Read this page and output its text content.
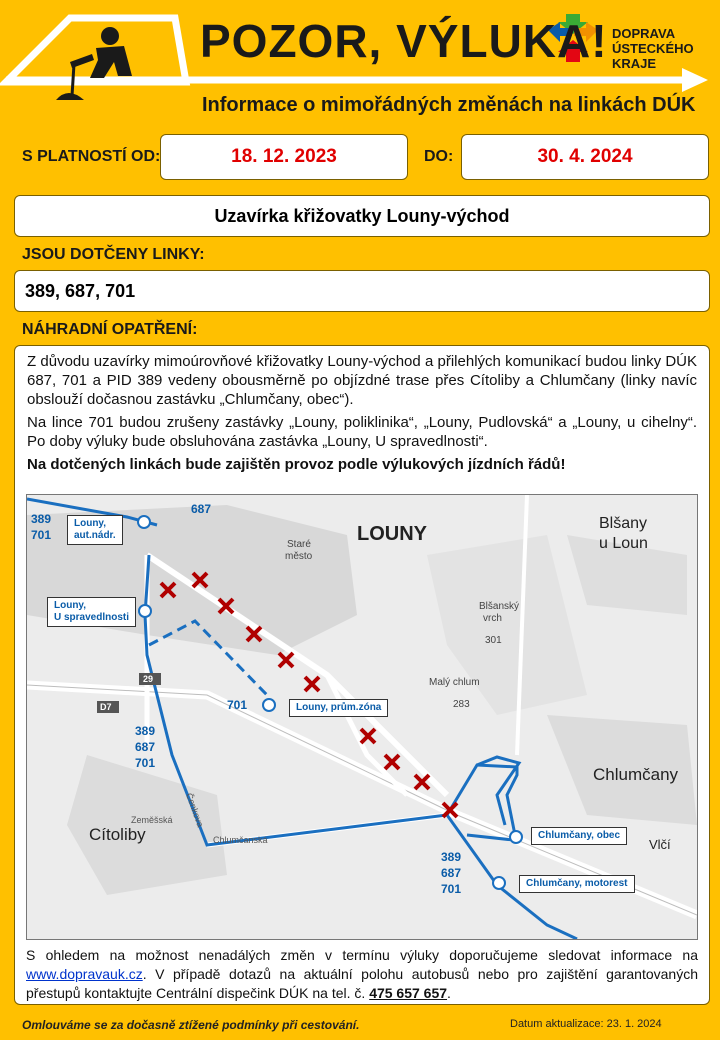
POZOR, VÝLUKA! DOPRAVA
ÚSTECKÉHO
KRAJE
Informace o mimořádných změnách na linkách DÚK
S PLATNOSTÍ OD:	18. 12. 2023	DO:	30. 4. 2024
Uzavírka křižovatky Louny-východ
JSOU DOTČENY LINKY:
389, 687, 701
NÁHRADNÍ OPATŘENÍ:

Z důvodu uzavírky mimoúrovňové křižovatky Louny-východ a přilehlých komunikací budou linky DÚK 687, 701 a PID 389 vedeny obousměrně po objízdné trase přes Cítoliby a Chlumčany (linky navíc obslouží dočasnou zastávku „Chlumčany, obec“).

Na lince 701 budou zrušeny zastávky „Louny, poliklinika“, „Louny, Pudlovská“ a „Louny, u cihelny“. Po doby výluky bude obsluhována zastávka „Louny, U spravedlnosti“.

Na dotčených linkách bude zajištěn provoz podle výlukových jízdních řádů!

D7
29
LOUNY	Blšany
u Loun
Chlumčany
Cítoliby
Vlčí
Staré
město
Blšanský
vrch
301
Malý chlum
283
Zeměšská
Chlumčanská
Čenkova
Louny,
aut.nádr.
Louny,
U spravedlnosti
Louny, prům.zóna
Chlumčany, obec
Chlumčany, motorest
389
701
687
701
389
687
701
389
687
701
S ohledem na možnost nenadálých změn v termínu výluky doporučujeme sledovat informace na www.dopravauk.cz. V případě dotazů na aktuální polohu autobusů nebo pro zajištění garantovaných přestupů kontaktujte Centrální dispečink DÚK na tel. č. 475 657 657.
Omlouváme se za dočasně ztížené podmínky při cestování.	Datum aktualizace: 23. 1. 2024
